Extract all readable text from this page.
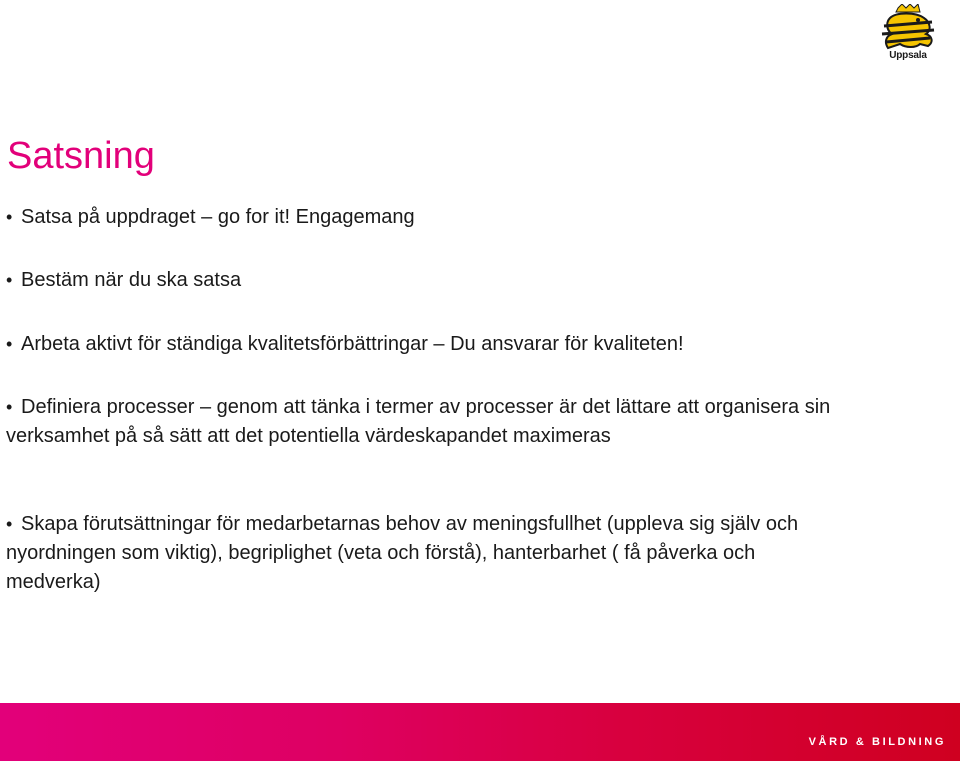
Uppsala
Satsning
• Satsa på uppdraget – go for it! Engagemang
• Bestäm när du ska satsa
• Arbeta aktivt för ständiga kvalitetsförbättringar – Du ansvarar för kvaliteten!
• Definiera processer – genom att tänka i termer av processer är det lättare att organisera sin verksamhet på så sätt att det potentiella värdeskapandet maximeras
• Skapa förutsättningar för medarbetarnas behov av meningsfullhet (uppleva sig själv och nyordningen som viktig), begriplighet (veta och förstå), hanterbarhet ( få påverka och medverka)
VÅRD & BILDNING
